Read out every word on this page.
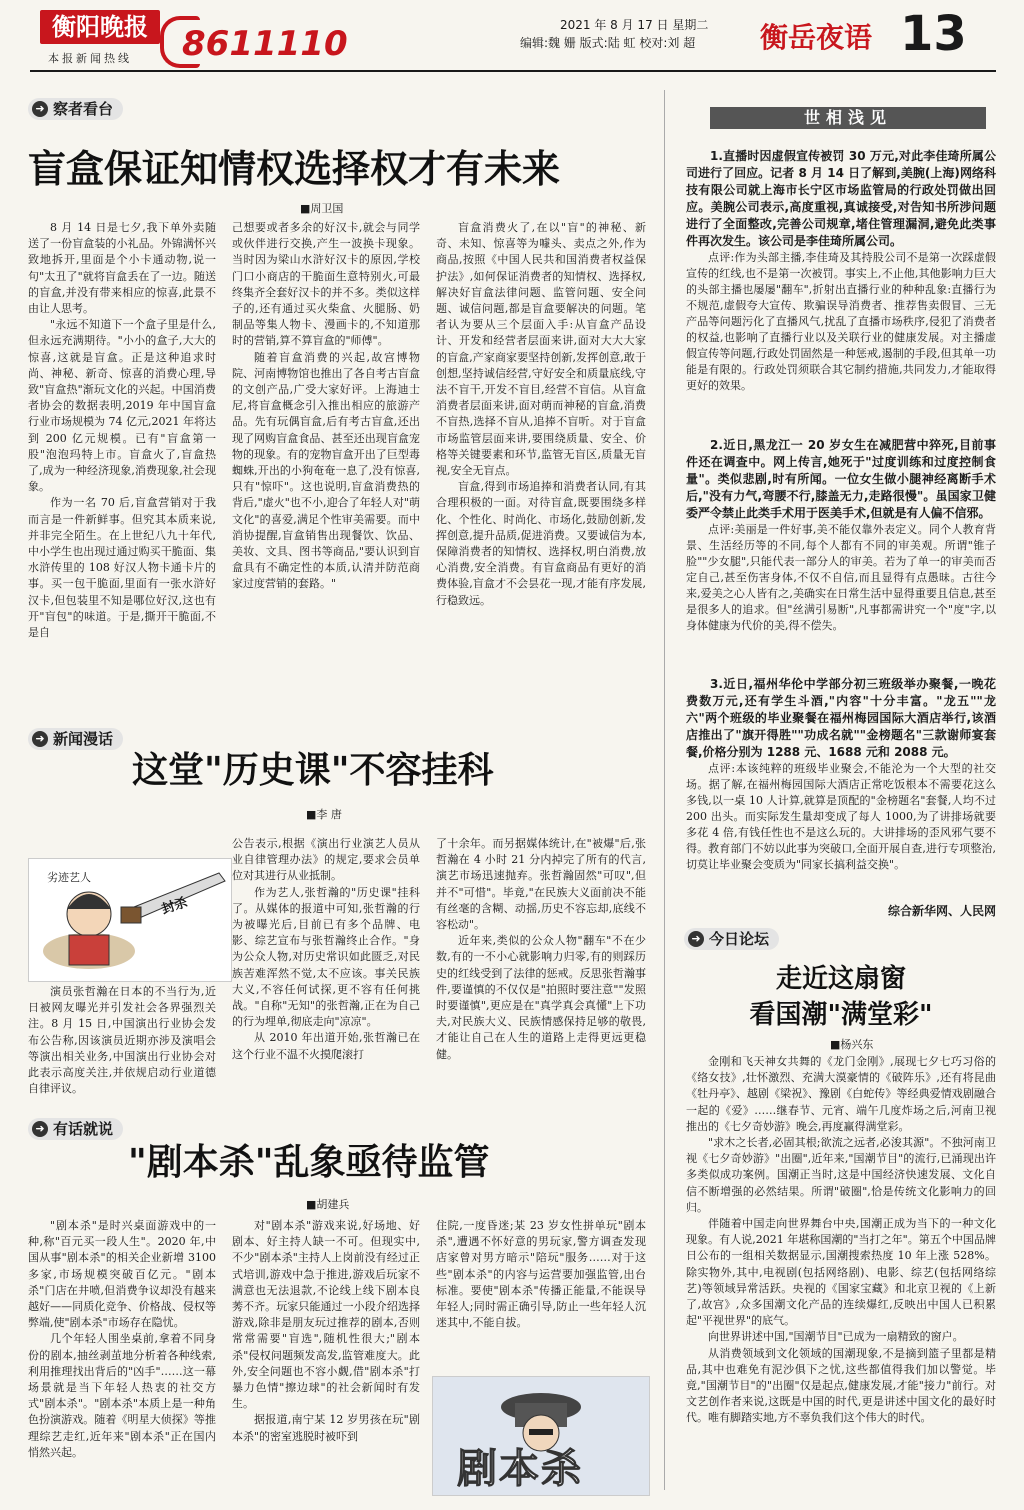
衡阳晚报
本报新闻热线 8611110	2021 年 8 月 17 日 星期二
编辑:魏 姗 版式:陆 虹 校对:刘 超 衡岳夜语 13
➜ 察者看台
盲盒保证知情权选择权才有未来
■周卫国

8 月 14 日是七夕,我下单外卖随送了一份盲盒装的小礼品。外锦满怀兴致地拆开,里面是个小卡通动物,说一句"太丑了"就将盲盒丢在了一边。随送的盲盒,并没有带来相应的惊喜,此景不由让人思考。

"永远不知道下一个盒子里是什么,但永远充满期待。"小小的盒子,大大的惊喜,这就是盲盒。正是这种追求时尚、神秘、新奇、惊喜的消费心理,导致"盲盒热"渐玩文化的兴起。中国消费者协会的数据表明,2019 年中国盲盒行业市场规模为 74 亿元,2021 年将达到 200 亿元规模。已有"盲盒第一股"泡泡玛特上市。盲盒火了,盲盒热了,成为一种经济现象,消费现象,社会现象。

作为一名 70 后,盲盒营销对于我而言是一件新鲜事。但究其本质来说,并非完全陌生。在上世纪八九十年代,中小学生也出现过通过购买干脆面、集水浒传里的 108 好汉人物卡通卡片的事。买一包干脆面,里面有一张水浒好汉卡,但包装里不知是哪位好汉,这也有开"盲包"的味道。于是,撕开干脆面,不是自

己想要或者多余的好汉卡,就会与同学或伙伴进行交换,产生一波换卡现象。当时因为梁山水浒好汉卡的原因,学校门口小商店的干脆面生意特别火,可最终集齐全套好汉卡的并不多。类似这样子的,还有通过买火柴盒、火腿肠、奶制品等集人物卡、漫画卡的,不知道那时的营销,算不算盲盒的"师傅"。

随着盲盒消费的兴起,故宫博物院、河南博物馆也推出了各自考古盲盒的文创产品,广受大家好评。上海迪士尼,将盲盒概念引入推出相应的旅游产品。先有玩偶盲盒,后有考古盲盒,还出现了网购盲盒食品、甚至还出现盲盒宠物的现象。有的宠物盲盒开出了巨型毒蜘蛛,开出的小狗奄奄一息了,没有惊喜,只有"惊吓"。这也说明,盲盒消费热的背后,"虚火"也不小,迎合了年轻人对"萌文化"的喜爱,满足个性审美需要。而中消协提醒,盲盒销售出现餐饮、饮品、美妆、文具、图书等商品,"要认识到盲盒具有不确定性的本质,认清并防范商家过度营销的套路。"

盲盒消费火了,在以"盲"的神秘、新奇、未知、惊喜等为噱头、卖点之外,作为商品,按照《中国人民共和国消费者权益保护法》,如何保证消费者的知情权、选择权,解决好盲盒法律问题、监管问题、安全问题、诚信问题,都是盲盒要解决的问题。笔者认为要从三个层面入手:从盲盒产品设计、开发和经营者层面来讲,面对大大大家的盲盒,产家商家要坚持创新,发挥创意,敢于创想,坚持诚信经营,守好安全和质量底线,守法不盲干,开发不盲目,经营不盲信。从盲盒消费者层面来讲,面对萌而神秘的盲盒,消费不盲热,选择不盲从,追捧不盲听。对于盲盒市场监管层面来讲,要围绕质量、安全、价格等关键要素和环节,监管无盲区,质量无盲视,安全无盲点。

盲盒,得到市场追捧和消费者认同,有其合理积极的一面。对待盲盒,既要围绕多样化、个性化、时尚化、市场化,鼓励创新,发挥创意,提升品质,促进消费。又要诚信为本,保障消费者的知情权、选择权,明白消费,放心消费,安全消费。有盲盒商品有更好的消费体验,盲盒才不会昙花一现,才能有序发展,行稳致远。

➜ 新闻漫话
这堂"历史课"不容挂科
■李 唐
劣迹艺人
封杀

演员张哲瀚在日本的不当行为,近日被网友曝光并引发社会各界强烈关注。8 月 15 日,中国演出行业协会发布公告称,因该演员近期亦涉及演唱会等演出相关业务,中国演出行业协会对此表示高度关注,并依规启动行业道德自律评议。

公告表示,根据《演出行业演艺人员从业自律管理办法》的规定,要求会员单位对其进行从业抵制。

作为艺人,张哲瀚的"历史课"挂科了。从媒体的报道中可知,张哲瀚的行为被曝光后,目前已有多个品牌、电影、综艺宣布与张哲瀚终止合作。"身为公众人物,对历史常识如此匮乏,对民族苦难浑然不觉,太不应该。事关民族大义,不容任何试探,更不容有任何挑战。"自称"无知"的张哲瀚,正在为自己的行为埋单,彻底走向"凉凉"。

从 2010 年出道开始,张哲瀚已在这个行业不温不火摸爬滚打

了十余年。而另据媒体统计,在"被爆"后,张哲瀚在 4 小时 21 分内掉完了所有的代言,演艺市场迅速抛弃。张哲瀚固然"可叹",但并不"可惜"。毕竟,"在民族大义面前决不能有丝毫的含糊、动摇,历史不容忘却,底线不容松动"。

近年来,类似的公众人物"翻车"不在少数,有的一不小心就影响力归零,有的则踩历史的红线受到了法律的惩戒。反思张哲瀚事件,要谨慎的不仅仅是"拍照时要注意""发照时要谨慎",更应是在"真学真会真懂"上下功夫,对民族大义、民族情感保持足够的敬畏,才能让自己在人生的道路上走得更远更稳健。

➜ 有话就说
"剧本杀"乱象亟待监管
■胡建兵

"剧本杀"是时兴桌面游戏中的一种,称"百元买一段人生"。2020 年,中国从事"剧本杀"的相关企业新增 3100 多家,市场规模突破百亿元。"剧本杀"门店在井喷,但消费争议却没有越来越好——同质化竞争、价格战、侵权等弊端,使"剧本杀"市场存在隐忧。

几个年轻人围坐桌前,拿着不同身份的剧本,抽丝剥茧地分析着各种线索,利用推理找出背后的"凶手"……这一幕场景就是当下年轻人热衷的社交方式"剧本杀"。"剧本杀"本质上是一种角色扮演游戏。随着《明星大侦探》等推理综艺走红,近年来"剧本杀"正在国内悄然兴起。

对"剧本杀"游戏来说,好场地、好剧本、好主持人缺一不可。但现实中,不少"剧本杀"主持人上岗前没有经过正式培训,游戏中急于推进,游戏后玩家不满意也无法退款,不论线上线下剧本良莠不齐。玩家只能通过一小段介绍选择游戏,除非是朋友玩过推荐的剧本,否则常常需要"盲选",随机性很大;"剧本杀"侵权问题频发高发,监管难度大。此外,安全问题也不容小觑,借"剧本杀"打暴力色情"擦边球"的社会新闻时有发生。

据报道,南宁某 12 岁男孩在玩"剧本杀"的密室逃脱时被吓到

住院,一度昏迷;某 23 岁女性拼单玩"剧本杀",遭遇不怀好意的男玩家,警方调查发现店家曾对男方暗示"陪玩"服务……对于这些"剧本杀"的内容与运营要加强监管,出台标准。要使"剧本杀"传播正能量,不能误导年轻人;同时需正确引导,防止一些年轻人沉迷其中,不能自拔。

剧本杀
世相浅见

1.直播时因虚假宣传被罚 30 万元,对此李佳琦所属公司进行了回应。记者 8 月 14 日了解到,美腕(上海)网络科技有限公司就上海市长宁区市场监管局的行政处罚做出回应。美腕公司表示,高度重视,真诚接受,对告知书所涉问题进行了全面整改,完善公司规章,堵住管理漏洞,避免此类事件再次发生。该公司是李佳琦所属公司。

点评:作为头部主播,李佳琦及其持股公司不是第一次踩虚假宣传的红线,也不是第一次被罚。事实上,不止他,其他影响力巨大的头部主播也屡屡"翻车",折射出直播行业的种种乱象:直播行为不规范,虚假夸大宣传、欺骗误导消费者、推荐售卖假冒、三无产品等问题污化了直播风气,扰乱了直播市场秩序,侵犯了消费者的权益,也影响了直播行业以及关联行业的健康发展。对主播虚假宣传等问题,行政处罚固然是一种惩戒,遏制的手段,但其单一功能是有限的。行政处罚须联合其它制约措施,共同发力,才能取得更好的效果。

2.近日,黑龙江一 20 岁女生在减肥营中猝死,目前事件还在调查中。网上传言,她死于"过度训练和过度控制食量"。类似悲剧,时有所闻。一位女生做小腿神经离断手术后,"没有力气,弯腰不行,膝盖无力,走路很慢"。虽国家卫健委严令禁止此类手术用于医美手术,但就是有人偏不信邪。

点评:美丽是一件好事,美不能仅靠外表定义。同个人教育背景、生活经历等的不同,每个人都有不同的审美观。所谓"锥子脸""少女腿",只能代表一部分人的审美。若为了单一的审美而否定自己,甚至伤害身体,不仅不自信,而且显得有点愚昧。古往今来,爱美之心人皆有之,美确实在日常生活中显得重要且信息,甚至是很多人的追求。但"丝满引易断",凡事都需讲究一个"度"字,以身体健康为代价的美,得不偿失。

3.近日,福州华伦中学部分初三班级举办聚餐,一晚花费数万元,还有学生斗酒,"内容"十分丰富。"龙五""龙六"两个班级的毕业聚餐在福州梅园国际大酒店举行,该酒店推出了"旗开得胜""功成名就""金榜题名"三款谢师宴套餐,价格分别为 1288 元、1688 元和 2088 元。

点评:本该纯粹的班级毕业聚会,不能沦为一个大型的社交场。据了解,在福州梅园国际大酒店正常吃饭根本不需要花这么多钱,以一桌 10 人计算,就算是顶配的"金榜题名"套餐,人均不过 200 出头。而实际发生量却变成了每人 1000,为了讲排场就要多花 4 倍,有钱任性也不是这么玩的。大讲排场的歪风邪气要不得。教育部门不妨以此事为突破口,全面开展自查,进行专项整治,切莫让毕业聚会变质为"同家长搞利益交换"。

综合新华网、人民网
➜ 今日论坛
走近这扇窗
看国潮"满堂彩"
■杨兴东

金刚和飞天神女共舞的《龙门金刚》,展现七夕七巧习俗的《络女技》,壮怀激烈、充满大漠豪情的《破阵乐》,还有将昆曲《牡丹亭》、越剧《梁祝》、豫剧《白蛇传》等经典爱情戏剧融合一起的《爱》……继春节、元宵、端午几度炸场之后,河南卫视推出的《七夕奇妙游》晚会,再度赢得满堂彩。

"求木之长者,必固其根;欲流之远者,必浚其源"。不独河南卫视《七夕奇妙游》"出圈",近年来,"国潮节目"的流行,已涌现出许多类似成功案例。国潮正当时,这是中国经济快速发展、文化自信不断增强的必然结果。所谓"破圈",恰是传统文化影响力的回归。

伴随着中国走向世界舞台中央,国潮正成为当下的一种文化现象。有人说,2021 年堪称国潮的"当打之年"。第五个中国品牌日公布的一组相关数据显示,国潮搜索热度 10 年上涨 528%。除实物外,其中,电视剧(包括网络剧)、电影、综艺(包括网络综艺)等领域异常活跃。央视的《国家宝藏》和北京卫视的《上新了,故宫》,众多国潮文化产品的连续爆红,反映出中国人已积累起"平视世界"的底气。

向世界讲述中国,"国潮节目"已成为一扇精致的窗户。

从消费领域到文化领域的国潮现象,不是摘到篮子里都是精品,其中也难免有泥沙俱下之忧,这些都值得我们加以警觉。毕竟,"国潮节目"的"出圈"仅是起点,健康发展,才能"接力"前行。对文艺创作者来说,这既是中国的时代,更是讲述中国文化的最好时代。唯有脚踏实地,方不辜负我们这个伟大的时代。
